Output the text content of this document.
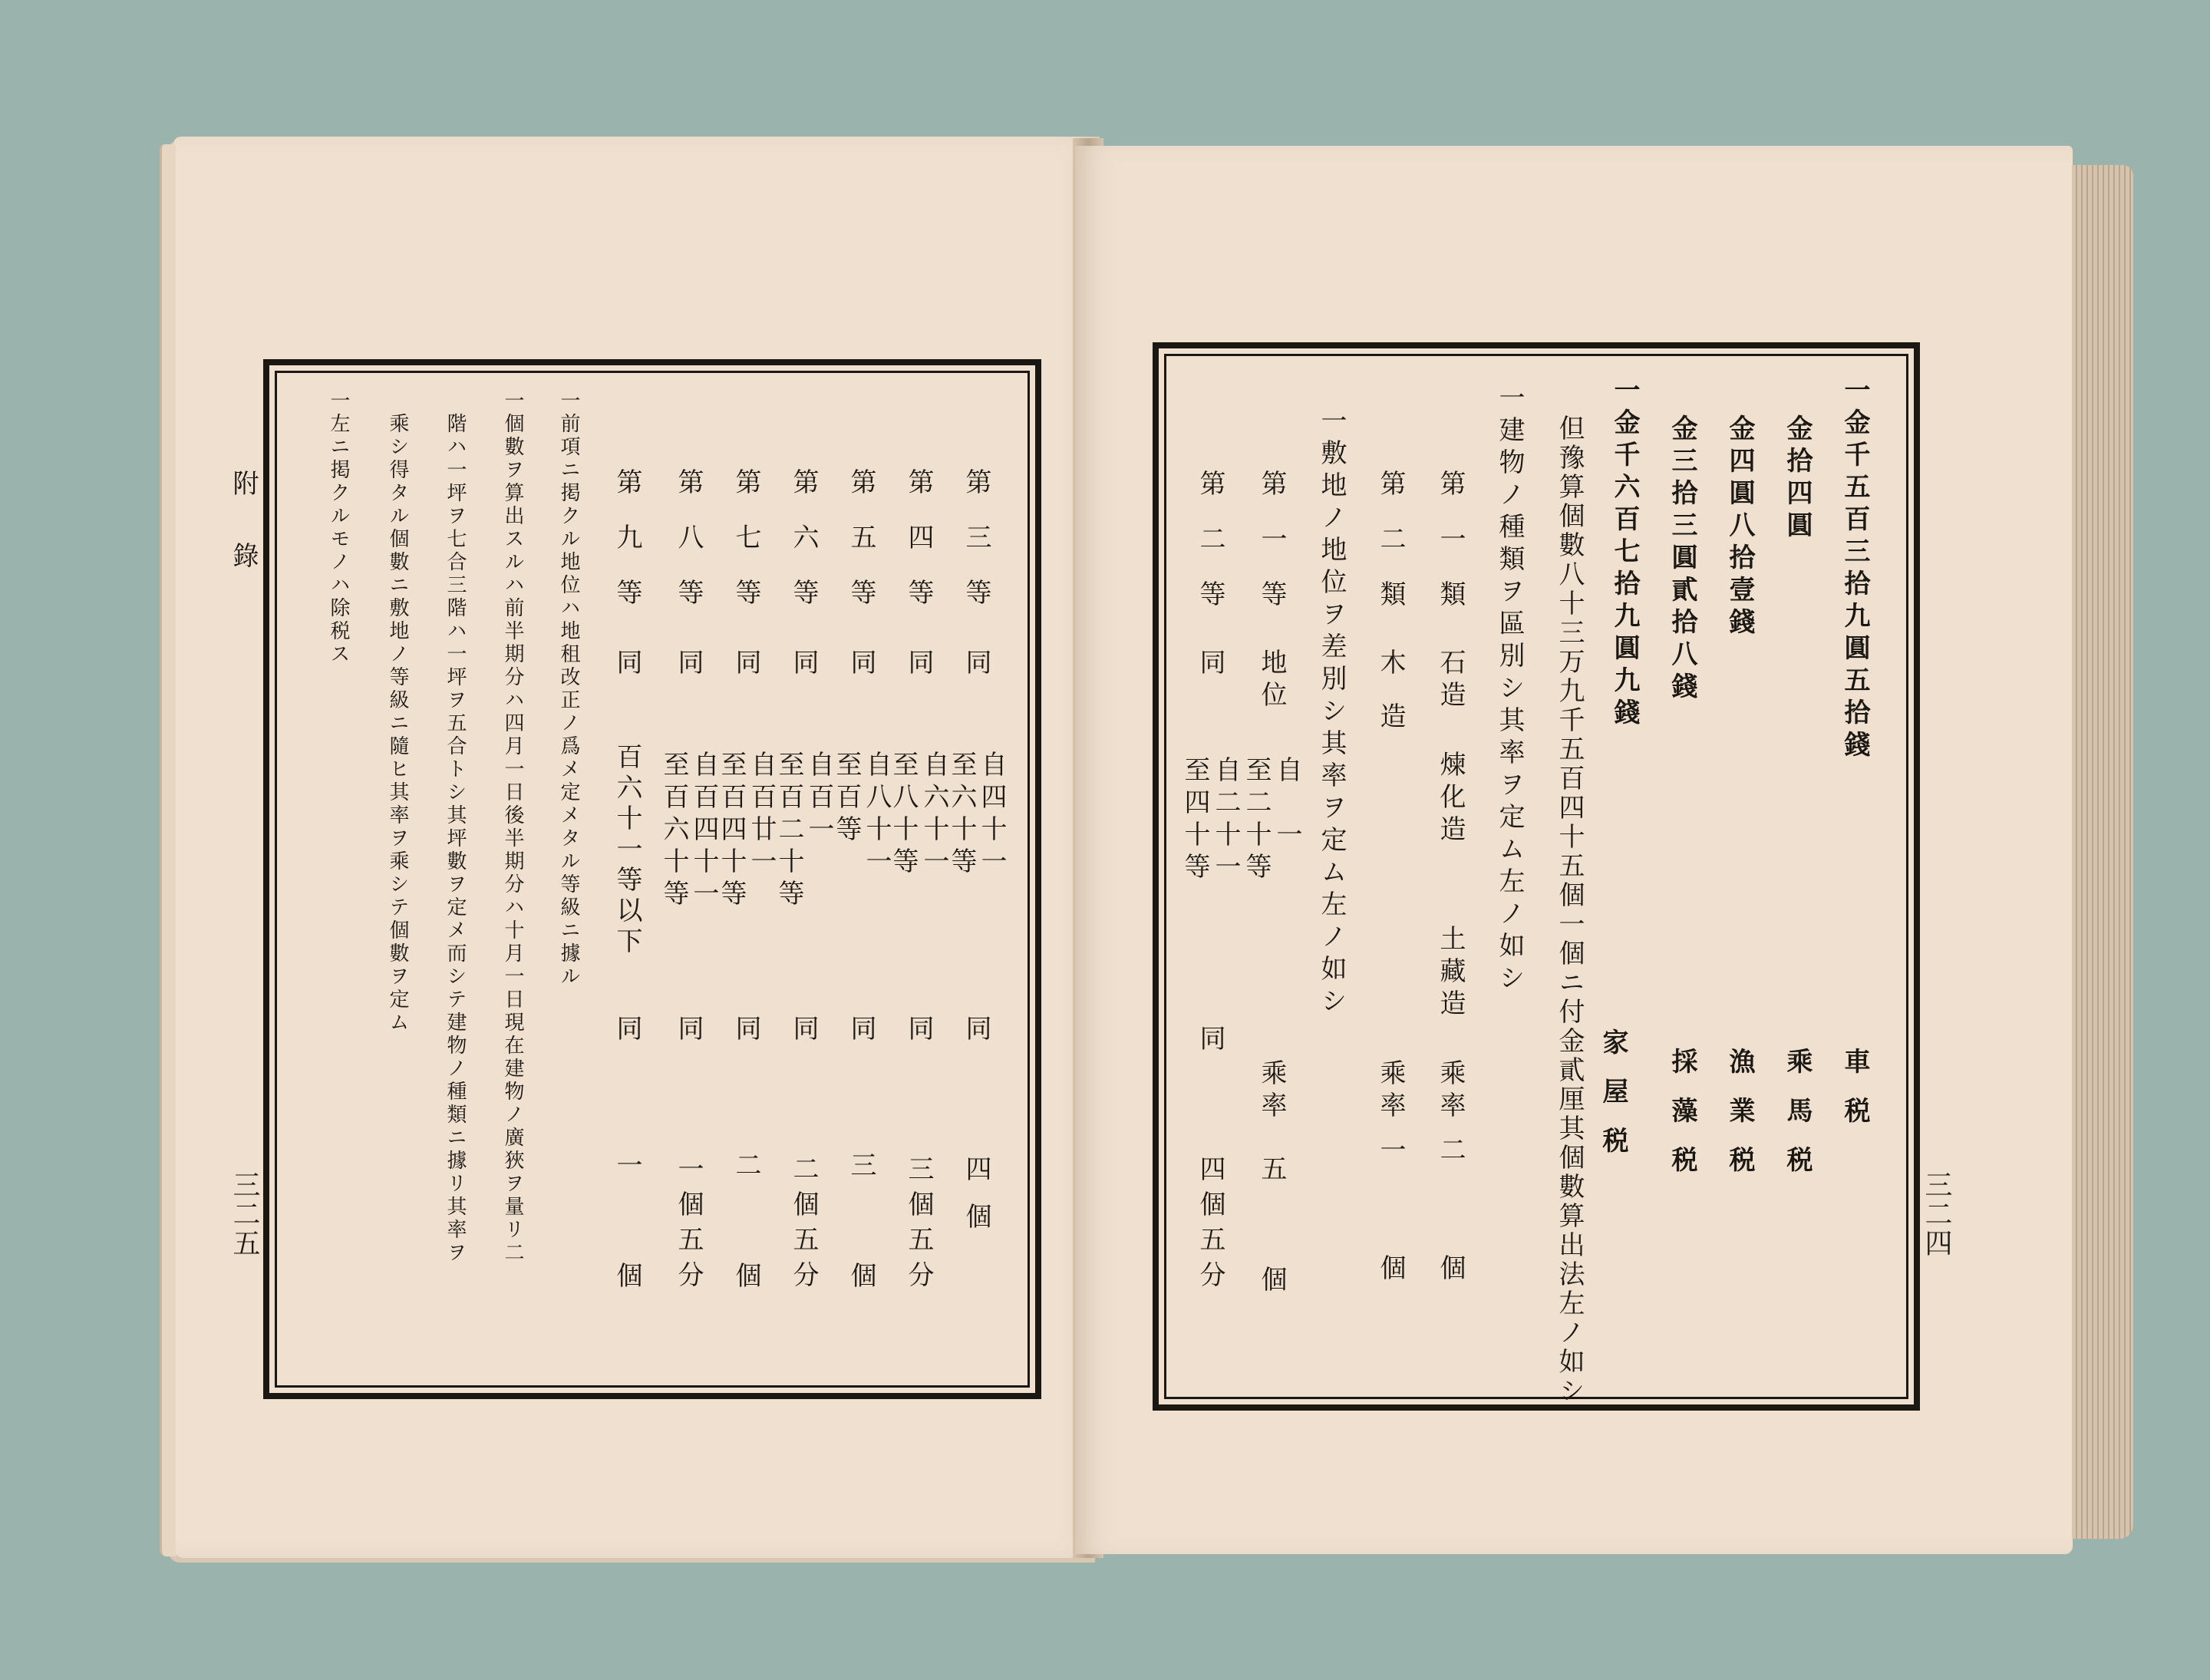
附錄
三二五
第三等
同
自四十一
至六十等
同
四個
第四等
同
自六十一
至八十等
同
三個五分
第五等
同
自八十一
至百等
同
三個
第六等
同
自百一
至百二十等
同
二個五分
第七等
同
自百廿一
至百四十等
同
二個
第八等
同
自百四十一
至百六十等
同
一個五分
第九等
同
百六十一等以下
同
一個
一前項ニ掲クル地位ハ地租改正ノ爲メ定メタル等級ニ據ル
一個數ヲ算出スルハ前半期分ハ四月一日後半期分ハ十月一日現在建物ノ廣狹ヲ量リ二
階ハ一坪ヲ七合三階ハ一坪ヲ五合トシ其坪數ヲ定メ而シテ建物ノ種類ニ據リ其率ヲ
乘シ得タル個數ニ敷地ノ等級ニ隨ヒ其率ヲ乘シテ個數ヲ定ム
一左ニ掲クルモノハ除税ス
三二四
一金千五百三拾九圓五拾錢
車税
金拾四圓
乘馬税
金四圓八拾壹錢
漁業税
金三拾三圓貳拾八錢
採藻税
一金千六百七拾九圓九錢
家屋税
但豫算個數八十三万九千五百四十五個一個ニ付金貳厘其個數算出法左ノ如シ
一建物ノ種類ヲ區別シ其率ヲ定ム左ノ如シ
第一類
石造
煉化造
土藏造
乘率
二個
第二類
木造
乘率
一個
一敷地ノ地位ヲ差別シ其率ヲ定ム左ノ如シ
第一等
地位
自一
至二十等
乘率
五個
第二等
同
自二十一
至四十等
同
四個五分
